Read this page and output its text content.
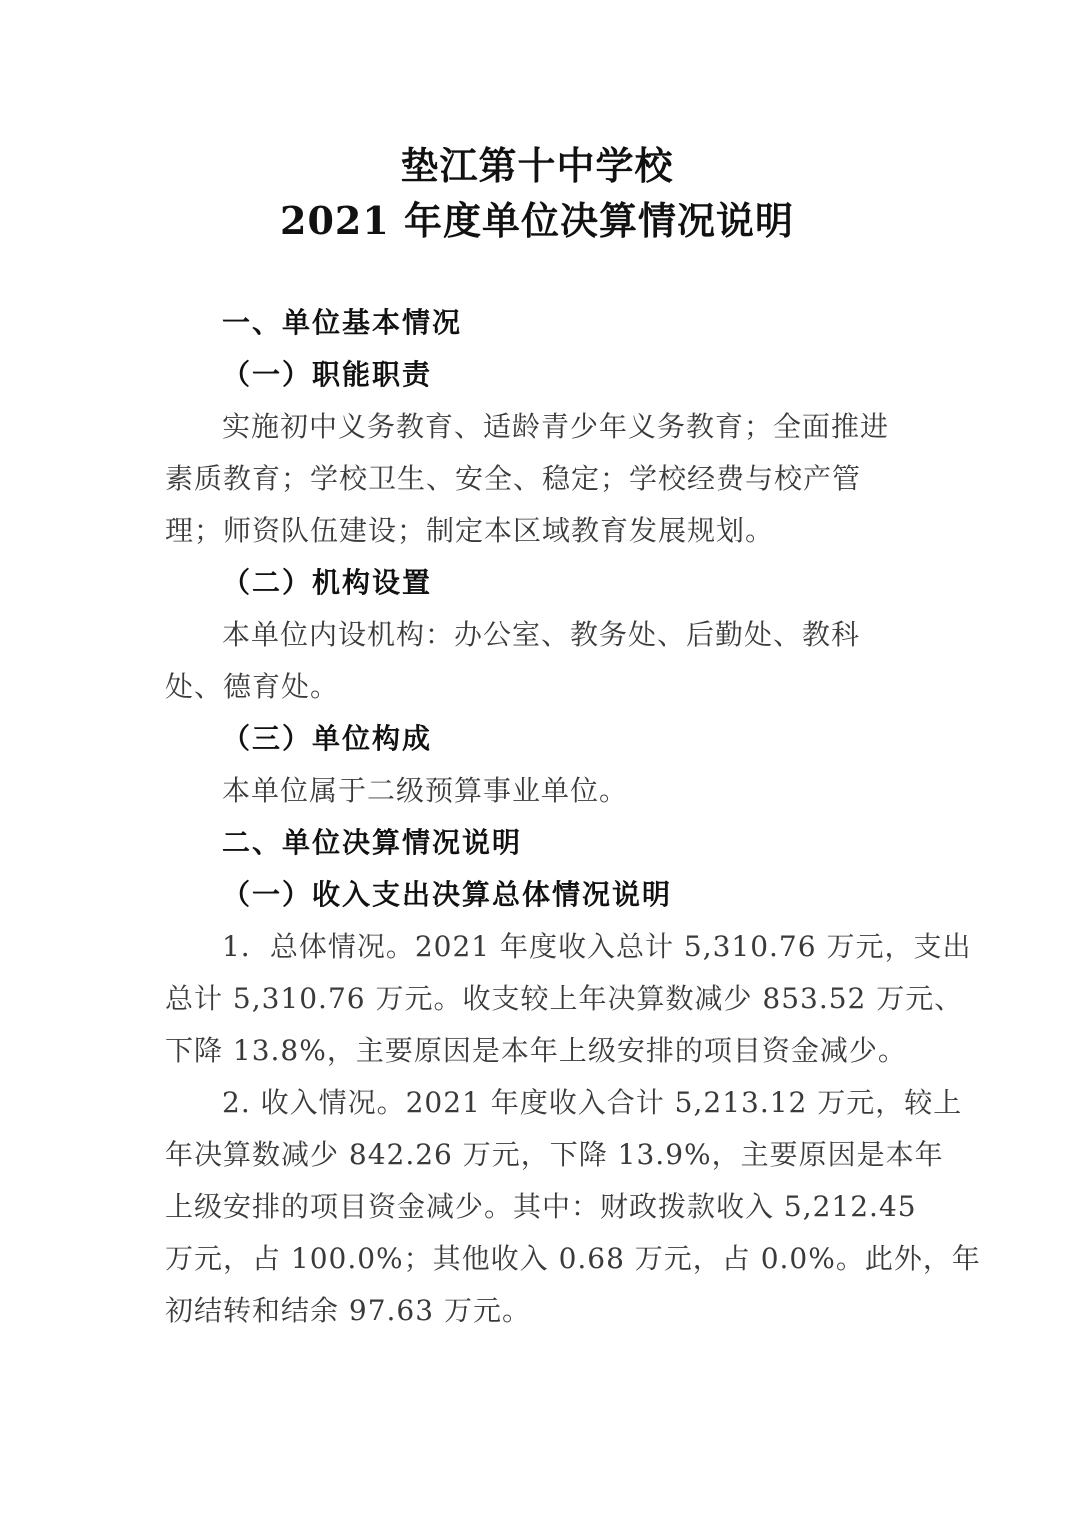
垫江第十中学校
2021 年度单位决算情况说明
一、单位基本情况
（一）职能职责
实施初中义务教育、适龄青少年义务教育；全面推进
素质教育；学校卫生、安全、稳定；学校经费与校产管
理；师资队伍建设；制定本区域教育发展规划。
（二）机构设置
本单位内设机构：办公室、教务处、后勤处、教科
处、德育处。
（三）单位构成
本单位属于二级预算事业单位。
二、单位决算情况说明
（一）收入支出决算总体情况说明
1．总体情况。2021 年度收入总计 5,310.76 万元，支出
总计 5,310.76 万元。收支较上年决算数减少 853.52 万元、
下降 13.8%，主要原因是本年上级安排的项目资金减少。
2. 收入情况。2021 年度收入合计 5,213.12 万元，较上
年决算数减少 842.26 万元，下降 13.9%，主要原因是本年
上级安排的项目资金减少。其中：财政拨款收入 5,212.45
万元，占 100.0%；其他收入 0.68 万元，占 0.0%。此外，年
初结转和结余 97.63 万元。
